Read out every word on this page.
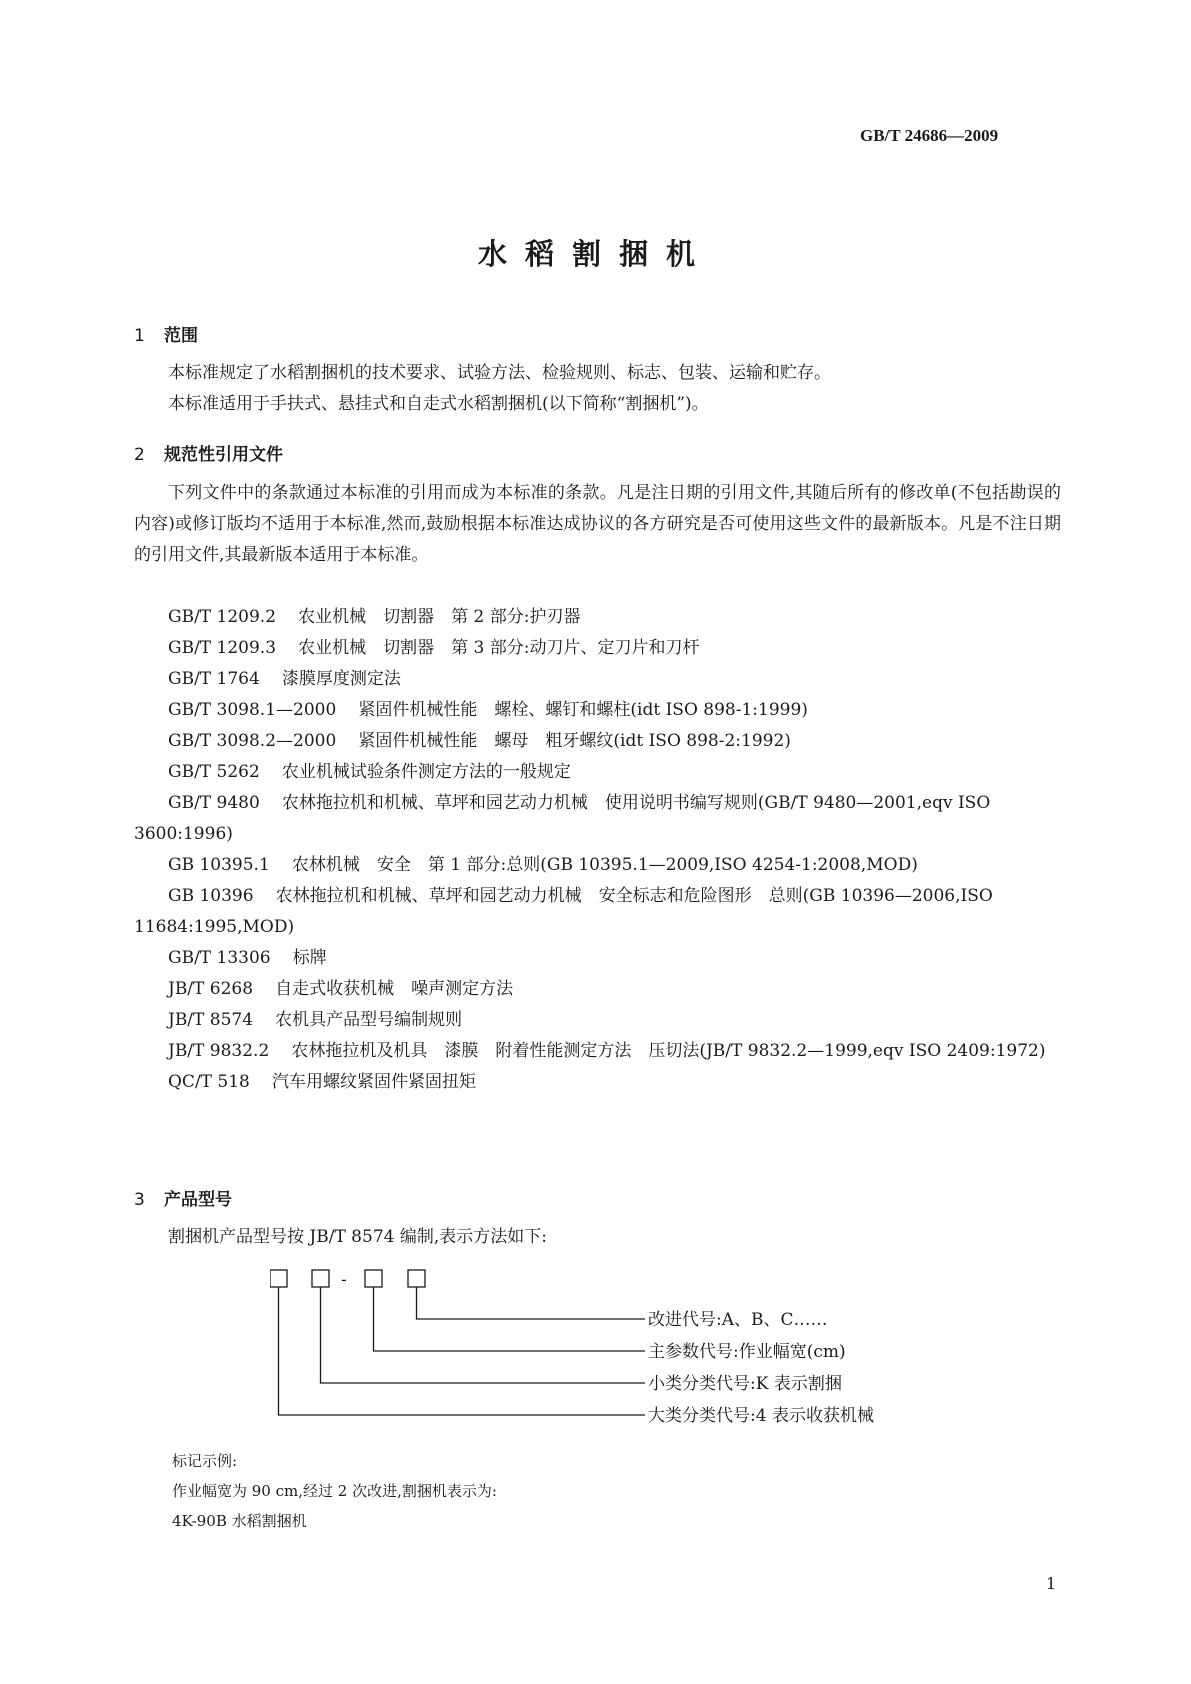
GB/T 24686—2009
水稻割捆机
1 范围
本标准规定了水稻割捆机的技术要求、试验方法、检验规则、标志、包装、运输和贮存。
本标准适用于手扶式、悬挂式和自走式水稻割捆机(以下简称“割捆机”)。
2 规范性引用文件
下列文件中的条款通过本标准的引用而成为本标准的条款。凡是注日期的引用文件,其随后所有的修改单(不包括勘误的内容)或修订版均不适用于本标准,然而,鼓励根据本标准达成协议的各方研究是否可使用这些文件的最新版本。凡是不注日期的引用文件,其最新版本适用于本标准。
GB/T 1209.2 农业机械　切割器　第 2 部分:护刃器
GB/T 1209.3 农业机械　切割器　第 3 部分:动刀片、定刀片和刀杆
GB/T 1764 漆膜厚度测定法
GB/T 3098.1—2000 紧固件机械性能　螺栓、螺钉和螺柱(idt ISO 898-1:1999)
GB/T 3098.2—2000 紧固件机械性能　螺母　粗牙螺纹(idt ISO 898-2:1992)
GB/T 5262 农业机械试验条件测定方法的一般规定
GB/T 9480 农林拖拉机和机械、草坪和园艺动力机械　使用说明书编写规则(GB/T 9480—2001,eqv ISO 3600:1996)
GB 10395.1 农林机械　安全　第 1 部分:总则(GB 10395.1—2009,ISO 4254-1:2008,MOD)
GB 10396 农林拖拉机和机械、草坪和园艺动力机械　安全标志和危险图形　总则(GB 10396—2006,ISO 11684:1995,MOD)
GB/T 13306 标牌
JB/T 6268 自走式收获机械　噪声测定方法
JB/T 8574 农机具产品型号编制规则
JB/T 9832.2 农林拖拉机及机具　漆膜　附着性能测定方法　压切法(JB/T 9832.2—1999,eqv ISO 2409:1972)
QC/T 518 汽车用螺纹紧固件紧固扭矩
3 产品型号
割捆机产品型号按 JB/T 8574 编制,表示方法如下:
-
改进代号:A、B、C……
主参数代号:作业幅宽(cm)
小类分类代号:K 表示割捆
大类分类代号:4 表示收获机械
标记示例:
作业幅宽为 90 cm,经过 2 次改进,割捆机表示为:
4K-90B 水稻割捆机
1
